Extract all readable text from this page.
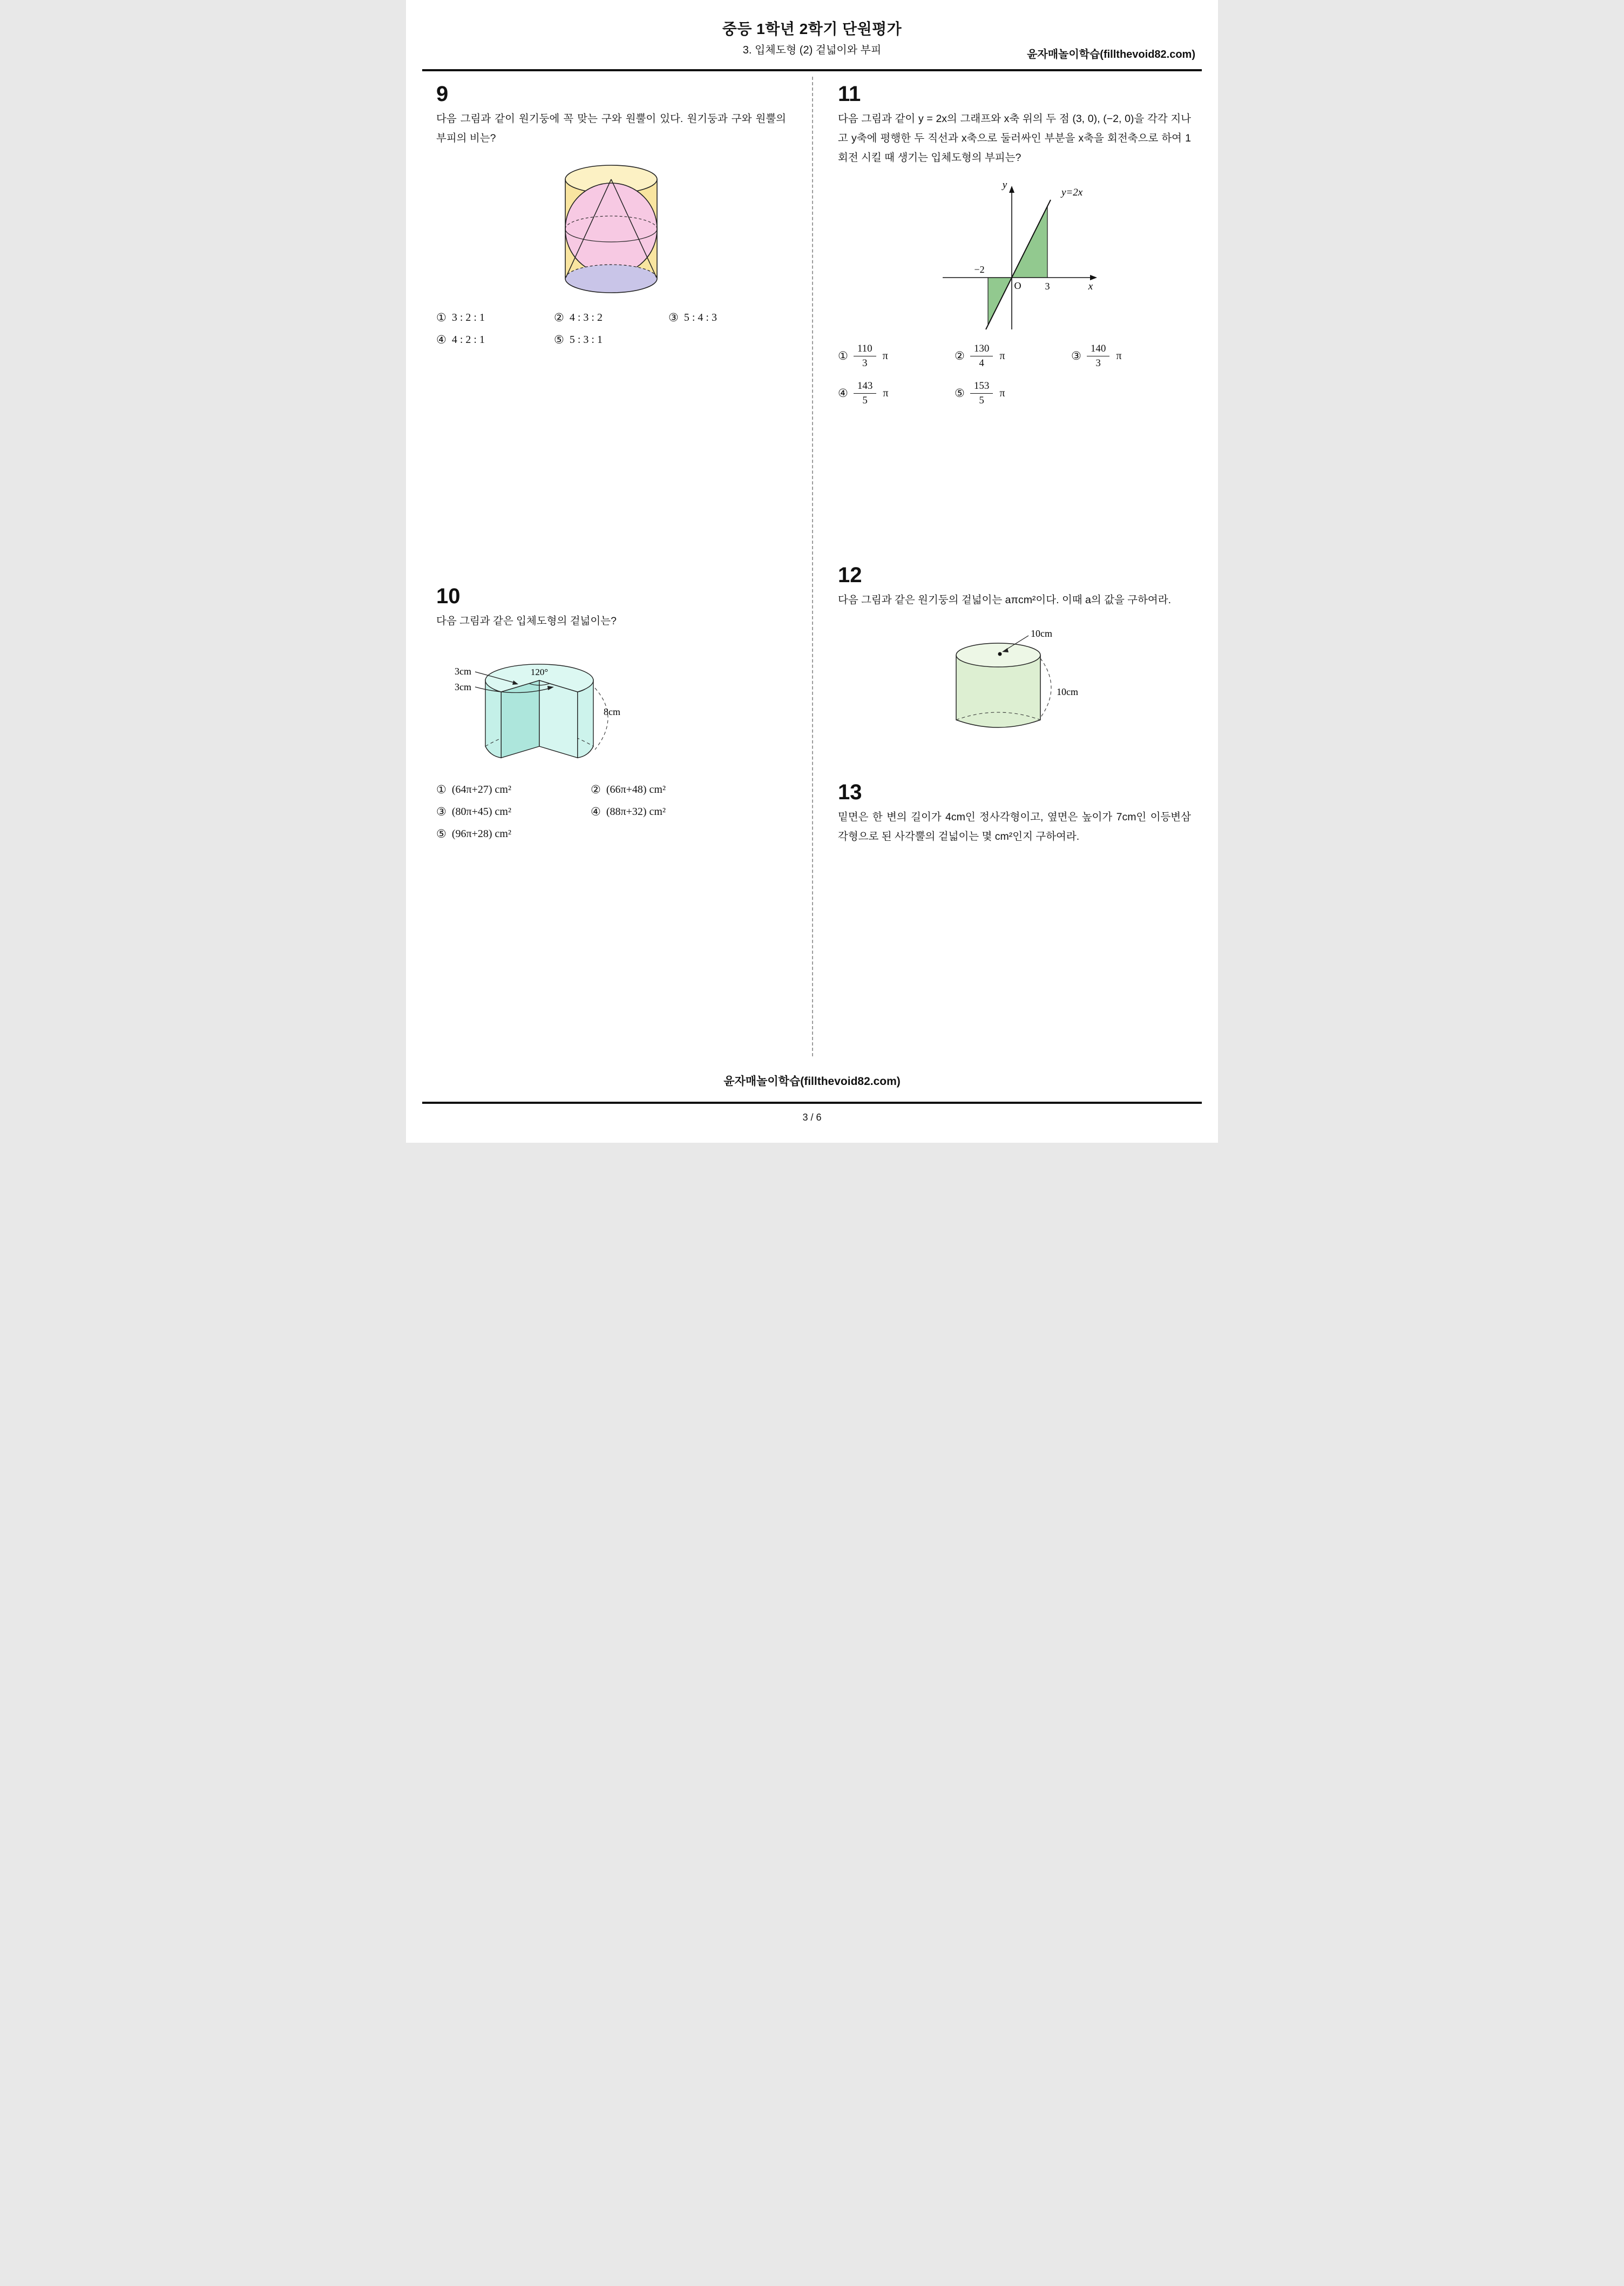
중등 1학년 2학기 단원평가
3. 입체도형 (2) 겉넓이와 부피	윤자매놀이학습(fillthevoid82.com)
9

다음 그림과 같이 원기둥에 꼭 맞는 구와 원뿔이 있다. 원기둥과 구와 원뿔의 부피의 비는?

① 3 : 2 : 1	② 4 : 3 : 2	③ 5 : 4 : 3
④ 4 : 2 : 1	⑤ 5 : 3 : 1
10

다음 그림과 같은 입체도형의 겉넓이는?

120°
3cm
3cm
8cm
① (64π+27) cm²	② (66π+48) cm²
③ (80π+45) cm²	④ (88π+32) cm²
⑤ (96π+28) cm²
11

다음 그림과 같이 y = 2x의 그래프와 x축 위의 두 점 (3, 0), (−2, 0)을 각각 지나고 y축에 평행한 두 직선과 x축으로 둘러싸인 부분을 x축을 회전축으로 하여 1 회전 시킬 때 생기는 입체도형의 부피는?

y
y=2x
−2
O 3	x
① $\frac{110}{3}$ π	② $\frac{130}{4}$ π	③ $\frac{140}{3}$ π
④ $\frac{143}{5}$ π	⑤ $\frac{153}{5}$ π
12

다음 그림과 같은 원기둥의 겉넓이는 aπcm²이다. 이때 a의 값을 구하여라.

10cm
10cm
13

밑면은 한 변의 길이가 4cm인 정사각형이고, 옆면은 높이가 7cm인 이등변삼각형으로 된 사각뿔의 겉넓이는 몇 cm²인지 구하여라.

윤자매놀이학습(fillthevoid82.com)
3 / 6
